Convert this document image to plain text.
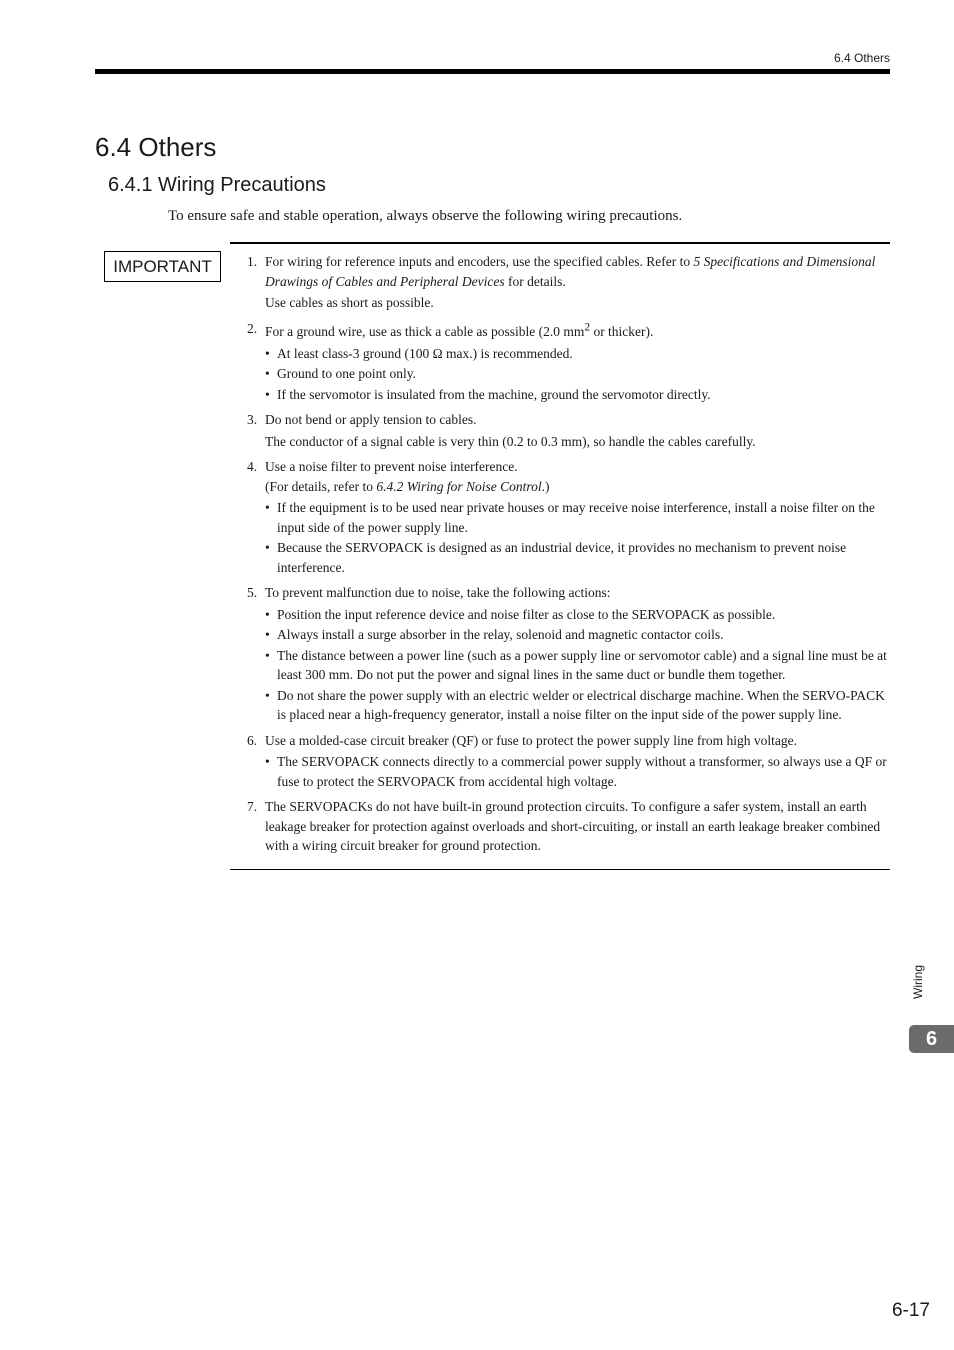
6.4 Others
6.4 Others
6.4.1 Wiring Precautions

To ensure safe and stable operation, always observe the following wiring precautions.

IMPORTANT	1. For wiring for reference inputs and encoders, use the specified cables. Refer to 5 Specifications and Dimensional Drawings of Cables and Peripheral Devices for details.
Use cables as short as possible.
2. For a ground wire, use as thick a cable as possible (2.0 $mm^2$ or thicker).
• At least class-3 ground (100 Ω max.) is recommended.
• Ground to one point only.
• If the servomotor is insulated from the machine, ground the servomotor directly.
3. Do not bend or apply tension to cables.
The conductor of a signal cable is very thin (0.2 to 0.3 mm), so handle the cables carefully.
4. Use a noise filter to prevent noise interference.
(For details, refer to 6.4.2 Wiring for Noise Control.)
• If the equipment is to be used near private houses or may receive noise interference, install a noise filter on the input side of the power supply line.
• Because the SERVOPACK is designed as an industrial device, it provides no mechanism to prevent noise interference.
5. To prevent malfunction due to noise, take the following actions:
• Position the input reference device and noise filter as close to the SERVOPACK as possible.
• Always install a surge absorber in the relay, solenoid and magnetic contactor coils.
• The distance between a power line (such as a power supply line or servomotor cable) and a signal line must be at least 300 mm. Do not put the power and signal lines in the same duct or bundle them together.
• Do not share the power supply with an electric welder or electrical discharge machine. When the SERVO-PACK is placed near a high-frequency generator, install a noise filter on the input side of the power supply line.
6. Use a molded-case circuit breaker (QF) or fuse to protect the power supply line from high voltage.
• The SERVOPACK connects directly to a commercial power supply without a transformer, so always use a QF or fuse to protect the SERVOPACK from accidental high voltage.
7. The SERVOPACKs do not have built-in ground protection circuits. To configure a safer system, install an earth leakage breaker for protection against overloads and short-circuiting, or install an earth leakage breaker combined with a wiring circuit breaker for ground protection.
Wiring
6
6-17
